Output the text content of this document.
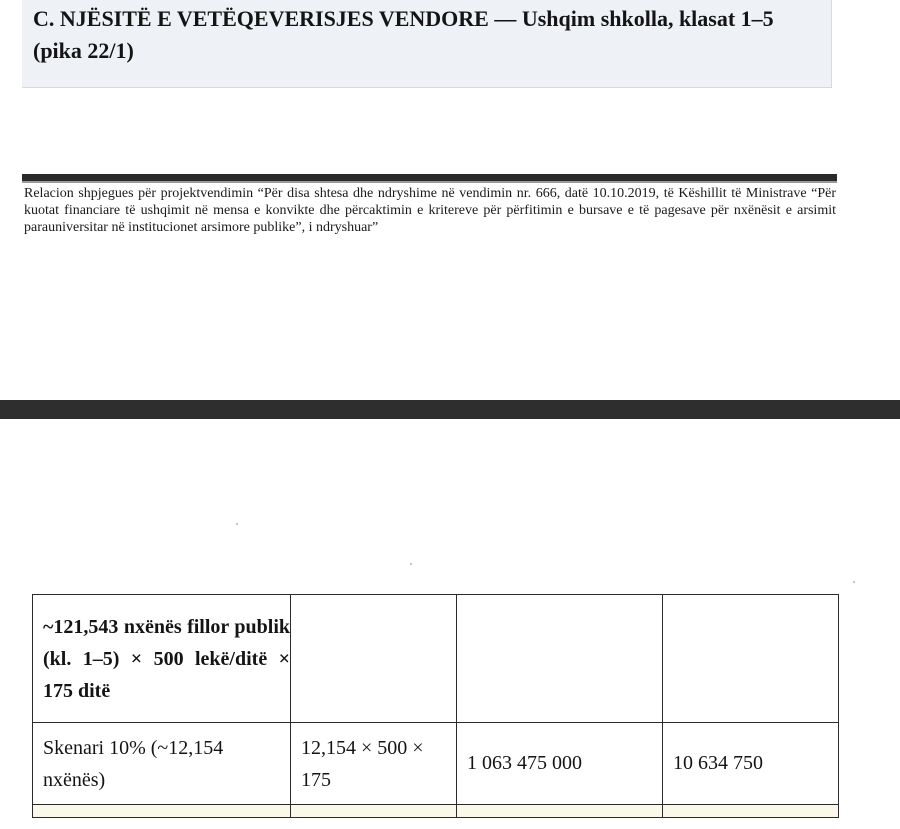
C. NJËSITË E VETËQEVERISJES VENDORE — Ushqim shkolla, klasat 1–5 (pika 22/1)
Relacion shpjegues për projektvendimin “Për disa shtesa dhe ndryshime në vendimin nr. 666, datë 10.10.2019, të Këshillit të Ministrave “Për kuotat financiare të ushqimit në mensa e konvikte dhe përcaktimin e kritereve për përfitimin e bursave e të pagesave për nxënësit e arsimit parauniversitar në institucionet arsimore publike”, i ndryshuar”
~121,543 nxënës fillor publik (kl. 1–5) × 500 lekë/ditë × 175 ditë			
Skenari 10% (~12,154 nxënës)	12,154 × 500 × 175	1 063 475 000	10 634 750
